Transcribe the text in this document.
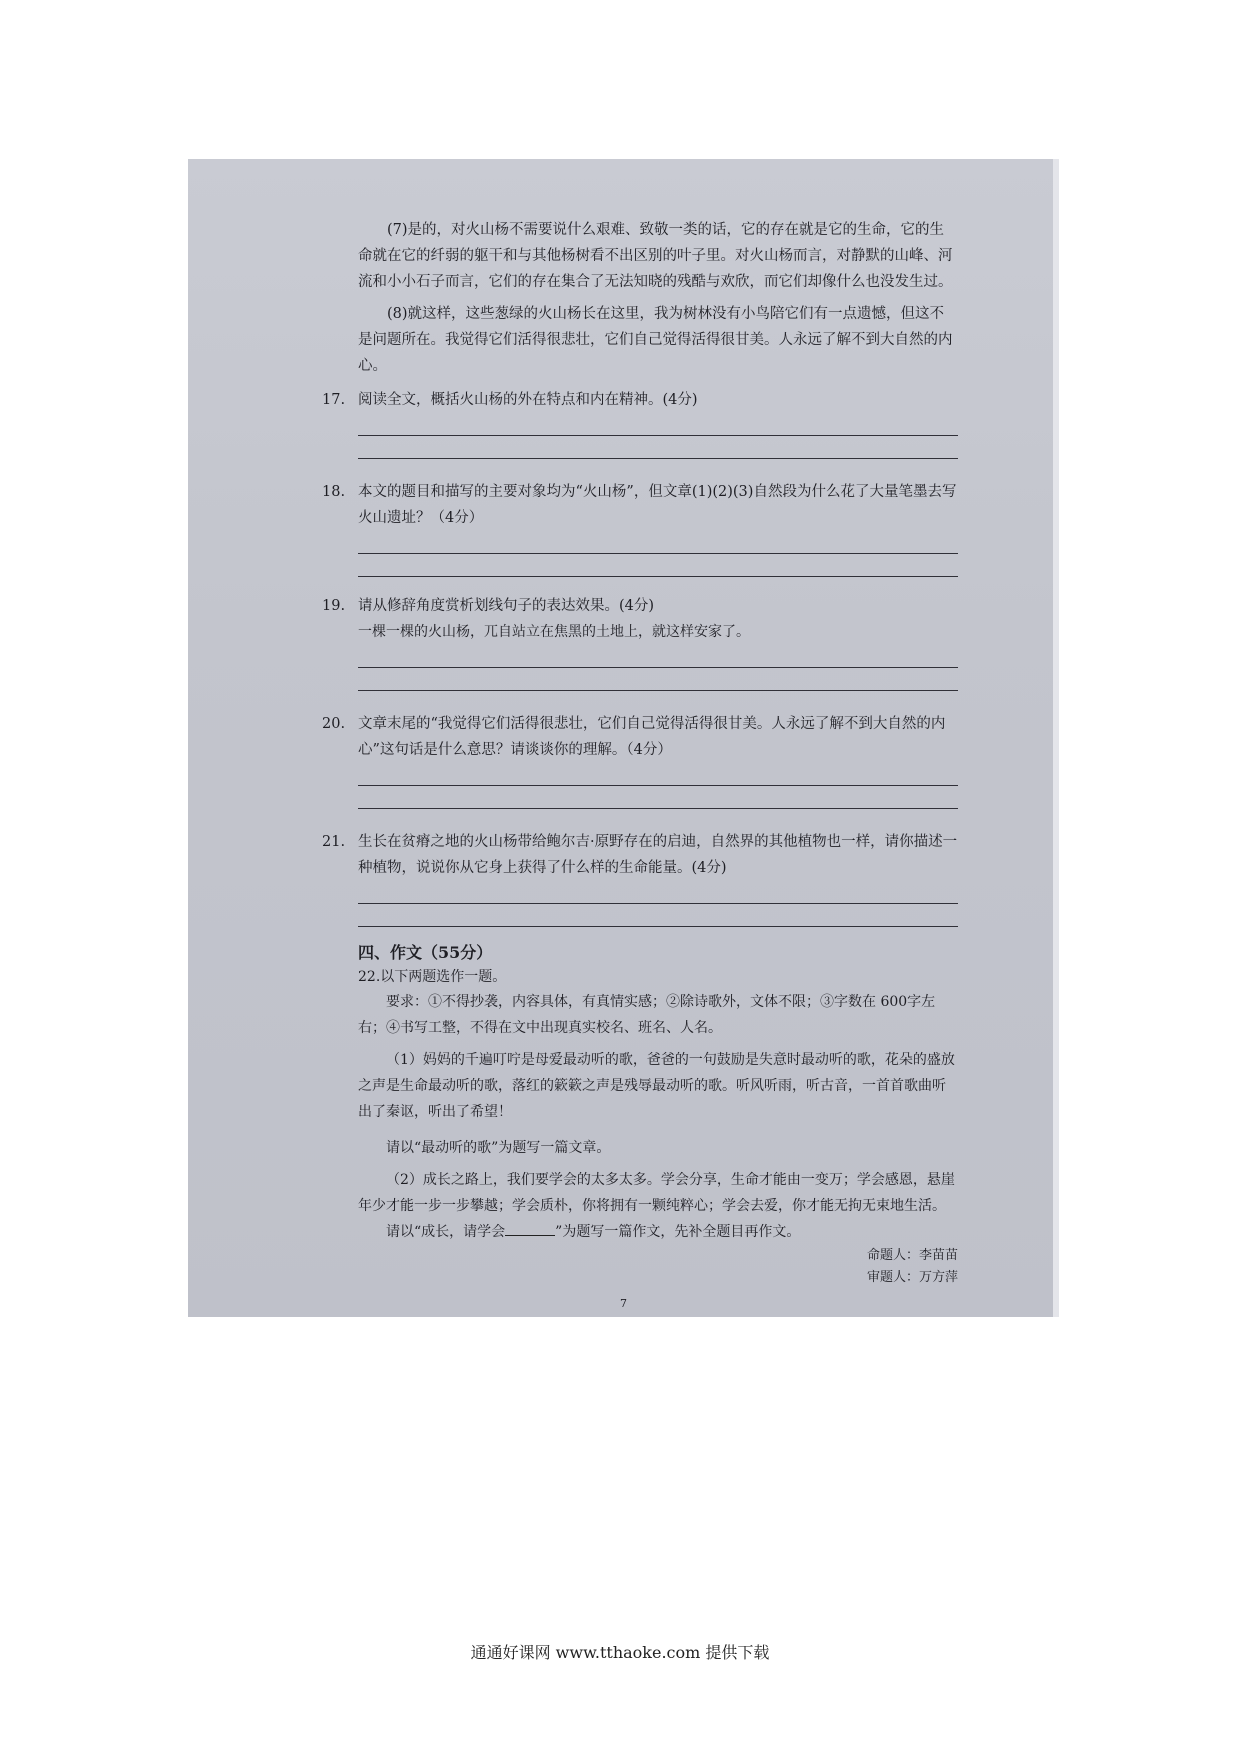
(7)是的，对火山杨不需要说什么艰难、致敬一类的话，它的存在就是它的生命，它的生命就在它的纤弱的躯干和与其他杨树看不出区别的叶子里。对火山杨而言，对静默的山峰、河流和小小石子而言，它们的存在集合了无法知晓的残酷与欢欣，而它们却像什么也没发生过。

(8)就这样，这些葱绿的火山杨长在这里，我为树林没有小鸟陪它们有一点遗憾，但这不是问题所在。我觉得它们活得很悲壮，它们自己觉得活得很甘美。人永远了解不到大自然的内心。

17. 阅读全文，概括火山杨的外在特点和内在精神。(4分)

18. 本文的题目和描写的主要对象均为“火山杨”，但文章(1)(2)(3)自然段为什么花了大量笔墨去写火山遗址？（4分）

19. 请从修辞角度赏析划线句子的表达效果。(4分)

一棵一棵的火山杨，兀自站立在焦黑的土地上，就这样安家了。

20. 文章末尾的“我觉得它们活得很悲壮，它们自己觉得活得很甘美。人永远了解不到大自然的内心”这句话是什么意思？请谈谈你的理解。（4分）

21. 生长在贫瘠之地的火山杨带给鲍尔吉·原野存在的启迪，自然界的其他植物也一样，请你描述一种植物，说说你从它身上获得了什么样的生命能量。(4分)

四、作文（55分）
22.以下两题选作一题。

要求：①不得抄袭，内容具体，有真情实感；②除诗歌外，文体不限；③字数在 600字左右；④书写工整，不得在文中出现真实校名、班名、人名。

（1）妈妈的千遍叮咛是母爱最动听的歌，爸爸的一句鼓励是失意时最动听的歌，花朵的盛放之声是生命最动听的歌，落红的簌簌之声是残辱最动听的歌。听风听雨，听古音，一首首歌曲听出了秦讴，听出了希望！

请以“最动听的歌”为题写一篇文章。

（2）成长之路上，我们要学会的太多太多。学会分享，生命才能由一变万；学会感恩，悬崖年少才能一步一步攀越；学会质朴，你将拥有一颗纯粹心；学会去爱，你才能无拘无束地生活。

请以“成长，请学会	”为题写一篇作文，先补全题目再作文。

命题人：李苗苗
审题人：万方萍
7
通通好课网 www.tthaoke.com 提供下载
